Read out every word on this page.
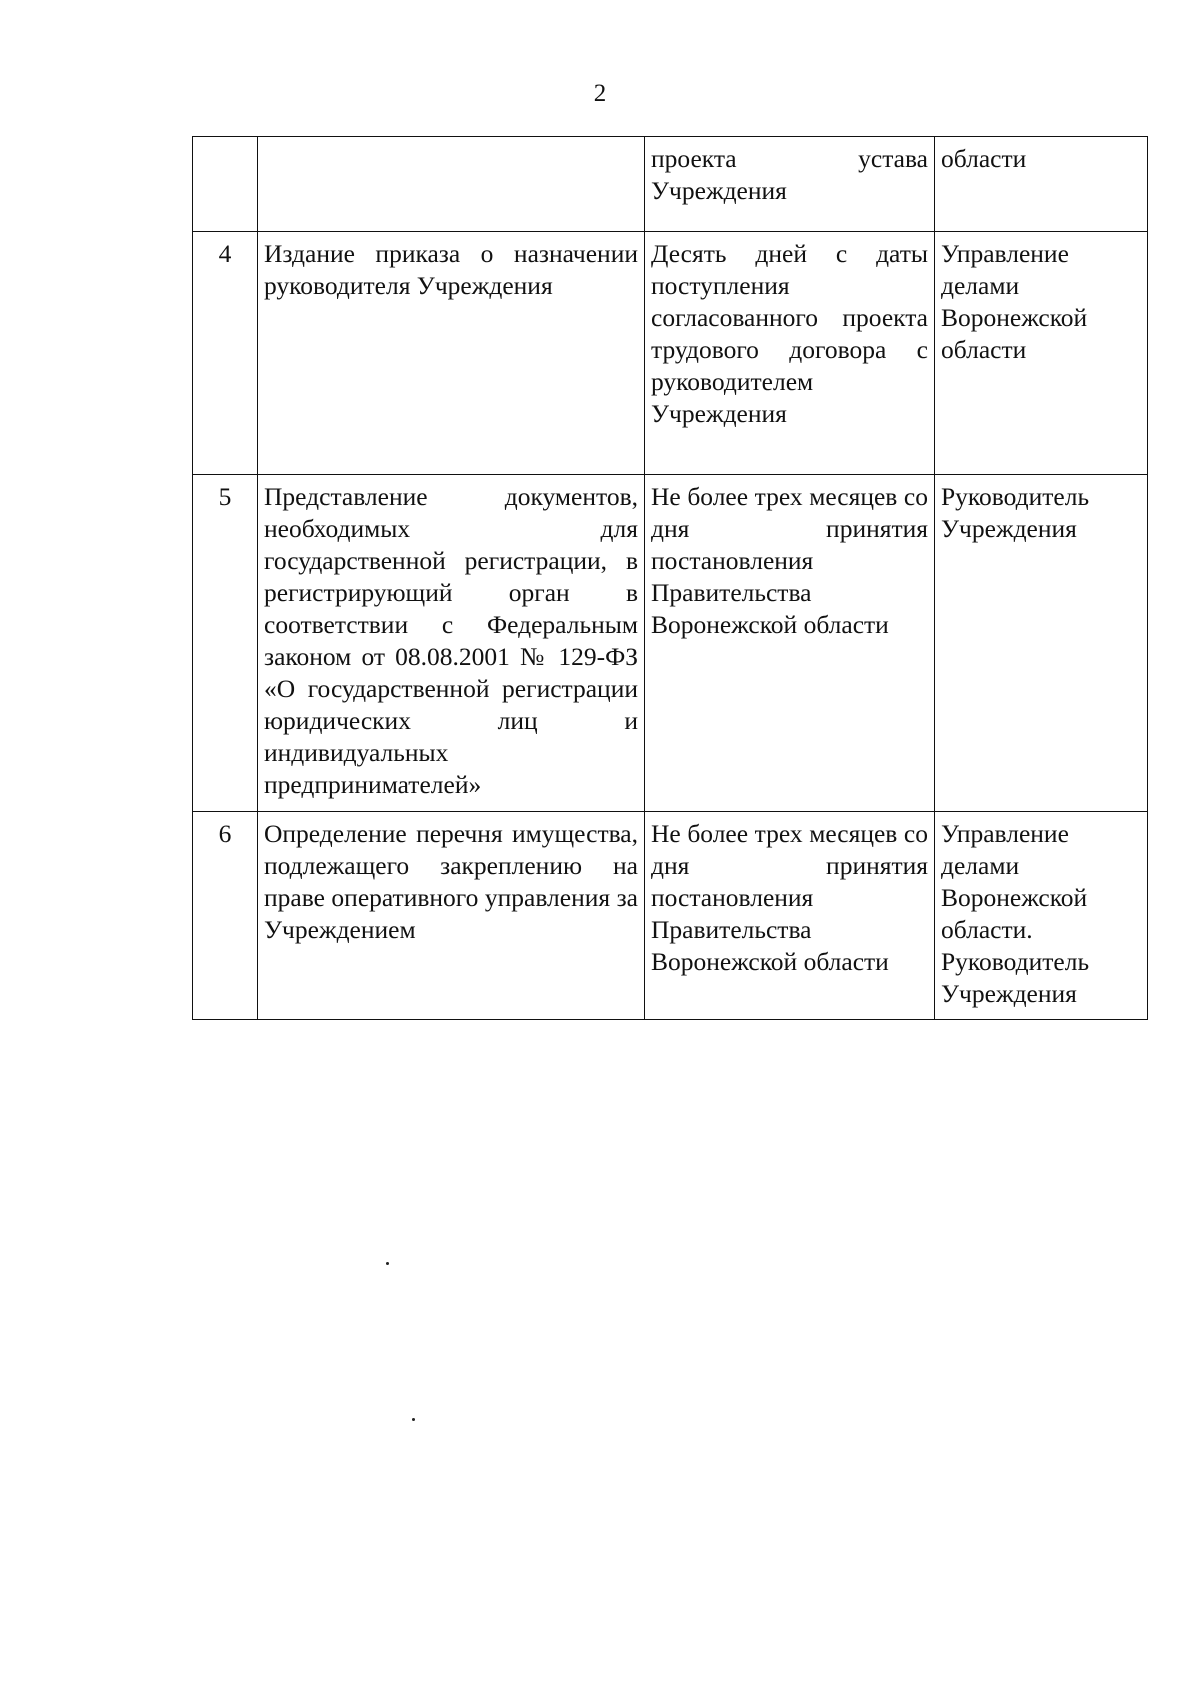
2

		проекта устава Учреждения	области

4	Издание приказа о назначении руководителя Учреждения	Десять дней с даты поступления согласованного проекта трудового договора с руководителем Учреждения	Управление делами Воронежской области

5	Представление документов, необходимых для государственной регистрации, в регистрирующий орган в соответствии с Федеральным законом от 08.08.2001 № 129-ФЗ «О государственной регистрации юридических лиц и индивидуальных предпринимателей»	Не более трех месяцев со дня принятия постановления Правительства Воронежской области	Руководитель Учреждения

6	Определение перечня имущества, подлежащего закреплению на праве оперативного управления за Учреждением	Не более трех месяцев со дня принятия постановления Правительства Воронежской области	Управление делами Воронежской области. Руководитель Учреждения
